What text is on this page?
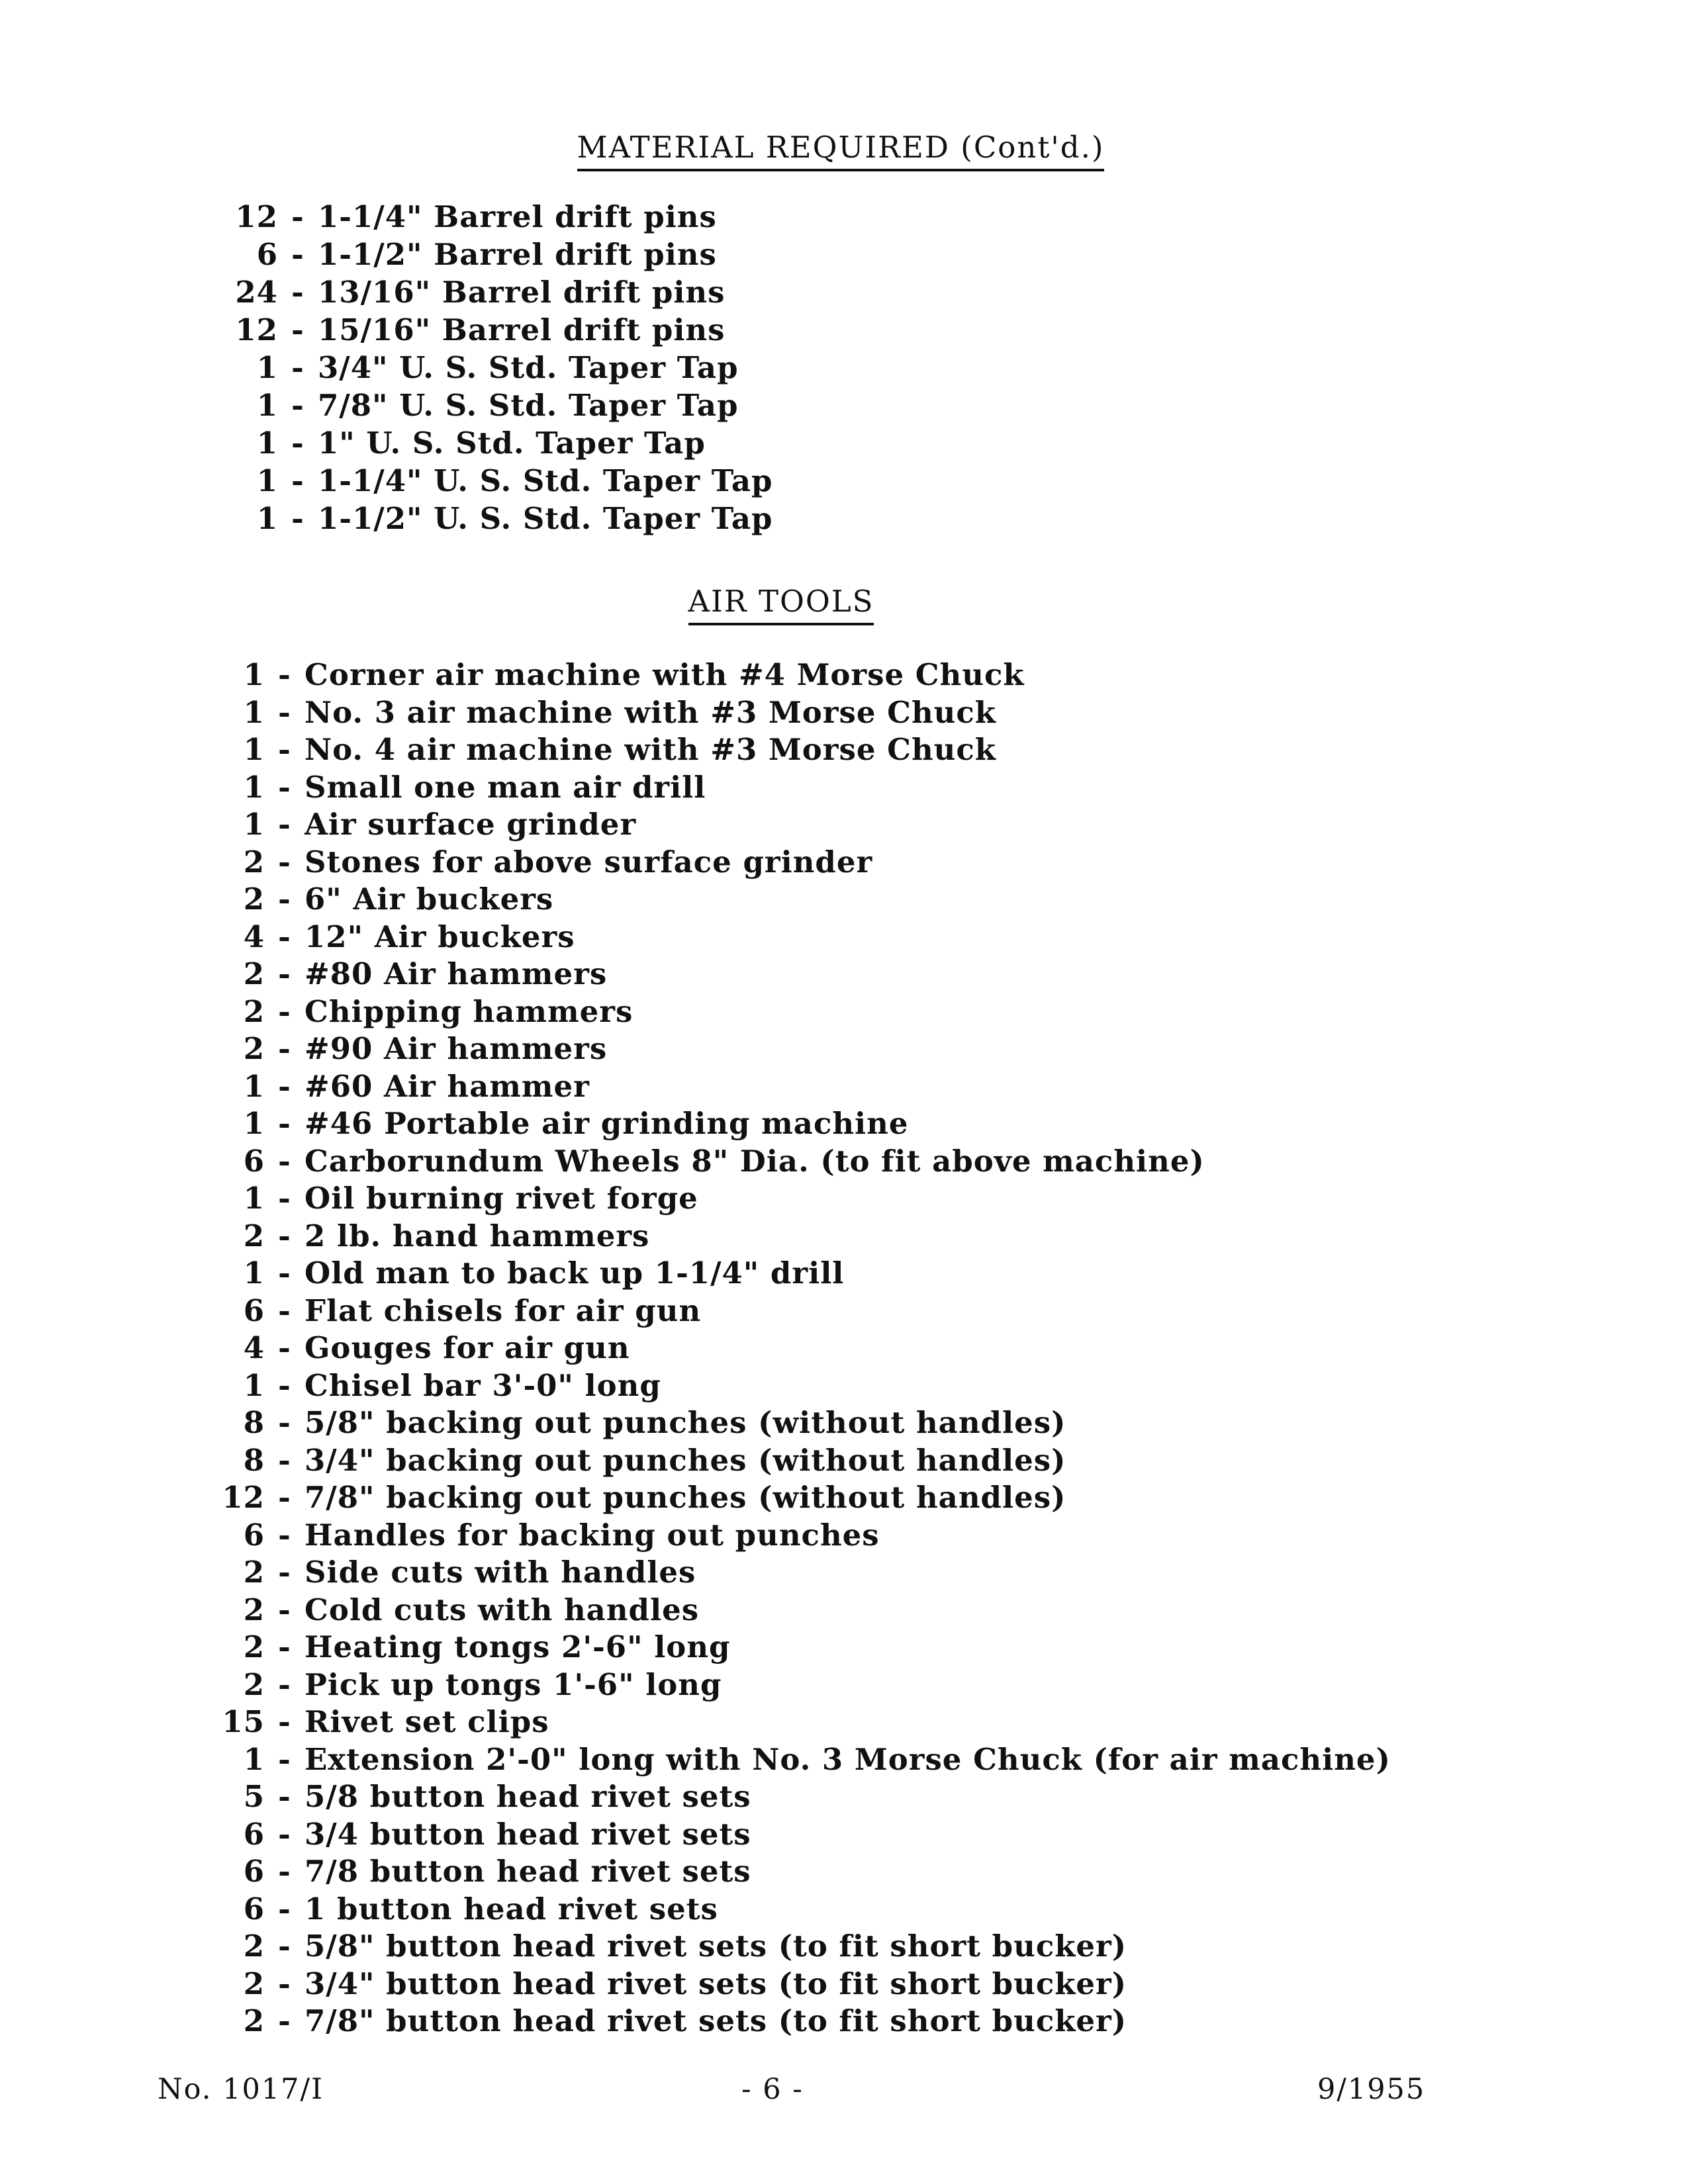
MATERIAL REQUIRED (Cont'd.)
12 - 1-1/4" Barrel drift pins
6 - 1-1/2" Barrel drift pins
24 - 13/16" Barrel drift pins
12 - 15/16" Barrel drift pins
1 - 3/4" U. S. Std. Taper Tap
1 - 7/8" U. S. Std. Taper Tap
1 - 1" U. S. Std. Taper Tap
1 - 1-1/4" U. S. Std. Taper Tap
1 - 1-1/2" U. S. Std. Taper Tap
AIR TOOLS
1 - Corner air machine with #4 Morse Chuck
1 - No. 3 air machine with #3 Morse Chuck
1 - No. 4 air machine with #3 Morse Chuck
1 - Small one man air drill
1 - Air surface grinder
2 - Stones for above surface grinder
2 - 6" Air buckers
4 - 12" Air buckers
2 - #80 Air hammers
2 - Chipping hammers
2 - #90 Air hammers
1 - #60 Air hammer
1 - #46 Portable air grinding machine
6 - Carborundum Wheels 8" Dia. (to fit above machine)
1 - Oil burning rivet forge
2 - 2 lb. hand hammers
1 - Old man to back up 1-1/4" drill
6 - Flat chisels for air gun
4 - Gouges for air gun
1 - Chisel bar 3'-0" long
8 - 5/8" backing out punches (without handles)
8 - 3/4" backing out punches (without handles)
12 - 7/8" backing out punches (without handles)
6 - Handles for backing out punches
2 - Side cuts with handles
2 - Cold cuts with handles
2 - Heating tongs 2'-6" long
2 - Pick up tongs 1'-6" long
15 - Rivet set clips
1 - Extension 2'-0" long with No. 3 Morse Chuck (for air machine)
5 - 5/8 button head rivet sets
6 - 3/4 button head rivet sets
6 - 7/8 button head rivet sets
6 - 1 button head rivet sets
2 - 5/8" button head rivet sets (to fit short bucker)
2 - 3/4" button head rivet sets (to fit short bucker)
2 - 7/8" button head rivet sets (to fit short bucker)
No. 1017/I	- 6 -	9/1955
